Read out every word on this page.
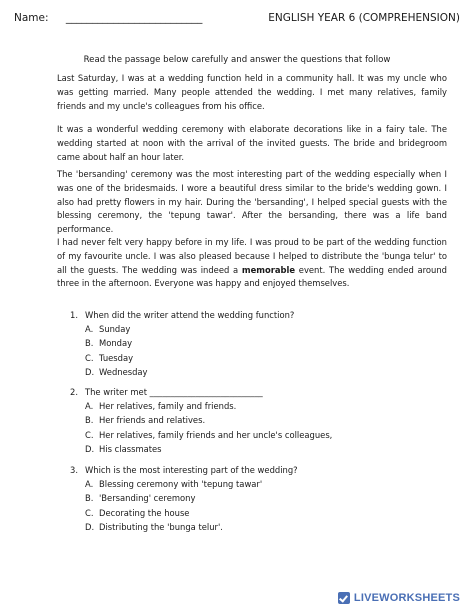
Name: __________________________	ENGLISH YEAR 6 (COMPREHENSION)
Read the passage below carefully and answer the questions that follow

Last Saturday, I was at a wedding function held in a community hall. It was my uncle who was getting married. Many people attended the wedding. I met many relatives, family friends and my uncle's colleagues from his office.

It was a wonderful wedding ceremony with elaborate decorations like in a fairy tale. The wedding started at noon with the arrival of the invited guests. The bride and bridegroom came about half an hour later.

The 'bersanding' ceremony was the most interesting part of the wedding especially when I was one of the bridesmaids. I wore a beautiful dress similar to the bride's wedding gown. I also had pretty flowers in my hair. During the 'bersanding', I helped special guests with the blessing ceremony, the 'tepung tawar'. After the bersanding, there was a life band performance.

I had never felt very happy before in my life. I was proud to be part of the wedding function of my favourite uncle. I was also pleased because I helped to distribute the 'bunga telur' to all the guests. The wedding was indeed a memorable event. The wedding ended around three in the afternoon. Everyone was happy and enjoyed themselves.

1. When did the writer attend the wedding function?
A. Sunday
B. Monday
C. Tuesday
D. Wednesday
2. The writer met ___________________________
A. Her relatives, family and friends.
B. Her friends and relatives.
C. Her relatives, family friends and her uncle's colleagues,
D. His classmates
3. Which is the most interesting part of the wedding?
A. Blessing ceremony with 'tepung tawar'
B. 'Bersanding' ceremony
C. Decorating the house
D. Distributing the 'bunga telur'.
LIVEWORKSHEETS
